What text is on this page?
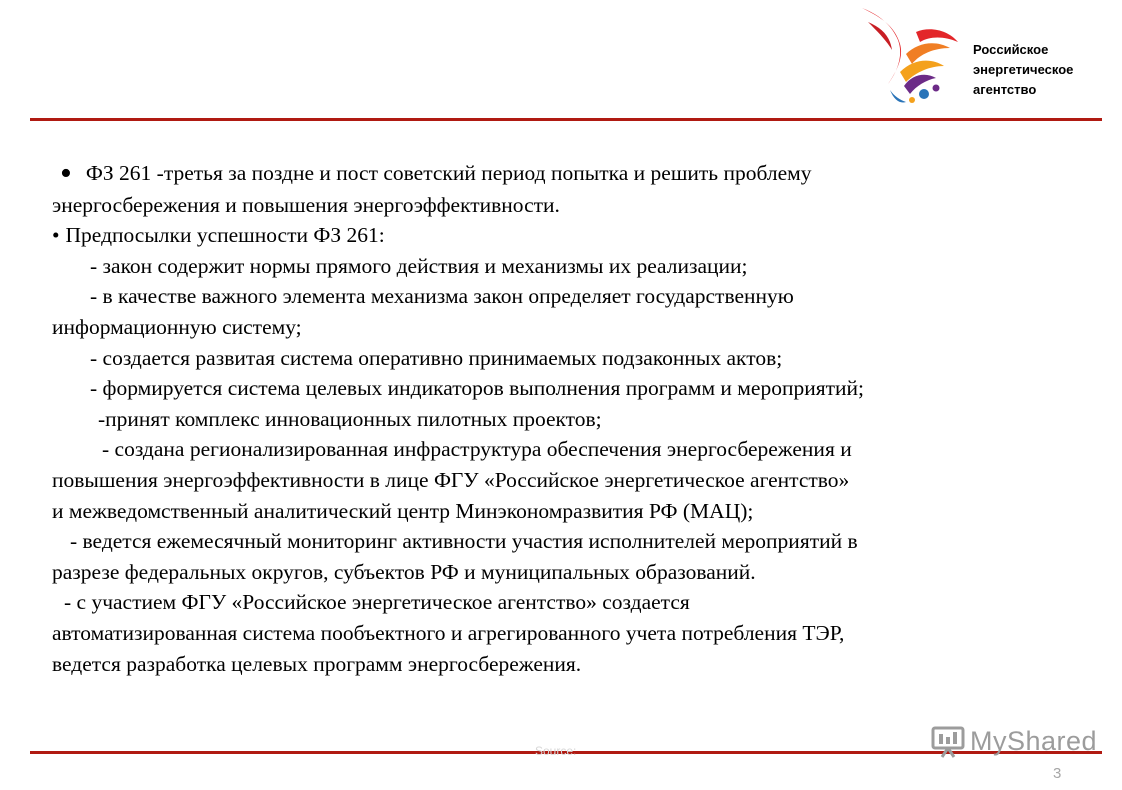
Российское
энергетическое
агентство
• ФЗ 261 -третья за поздне и пост советский период попытка и решить проблему
энергосбережения и повышения энергоэффективности.
• Предпосылки успешности ФЗ 261:
- закон содержит нормы прямого действия и механизмы их реализации;
- в качестве важного элемента механизма закон определяет государственную
информационную систему;
- создается развитая система оперативно принимаемых подзаконных актов;
- формируется система целевых индикаторов выполнения программ и мероприятий;
-принят комплекс инновационных пилотных проектов;
- создана регионализированная инфраструктура обеспечения энергосбережения и
повышения энергоэффективности в лице ФГУ «Российское энергетическое агентство»
и межведомственный аналитический центр Минэкономразвития РФ (МАЦ);
- ведется ежемесячный мониторинг активности участия исполнителей мероприятий в
разрезе федеральных округов, субъектов РФ и муниципальных образований.
- с участием ФГУ «Российское энергетическое агентство» создается
автоматизированная система пообъектного и агрегированного учета потребления ТЭР,
ведется разработка целевых программ энергосбережения.
Source:	MyShared
3
